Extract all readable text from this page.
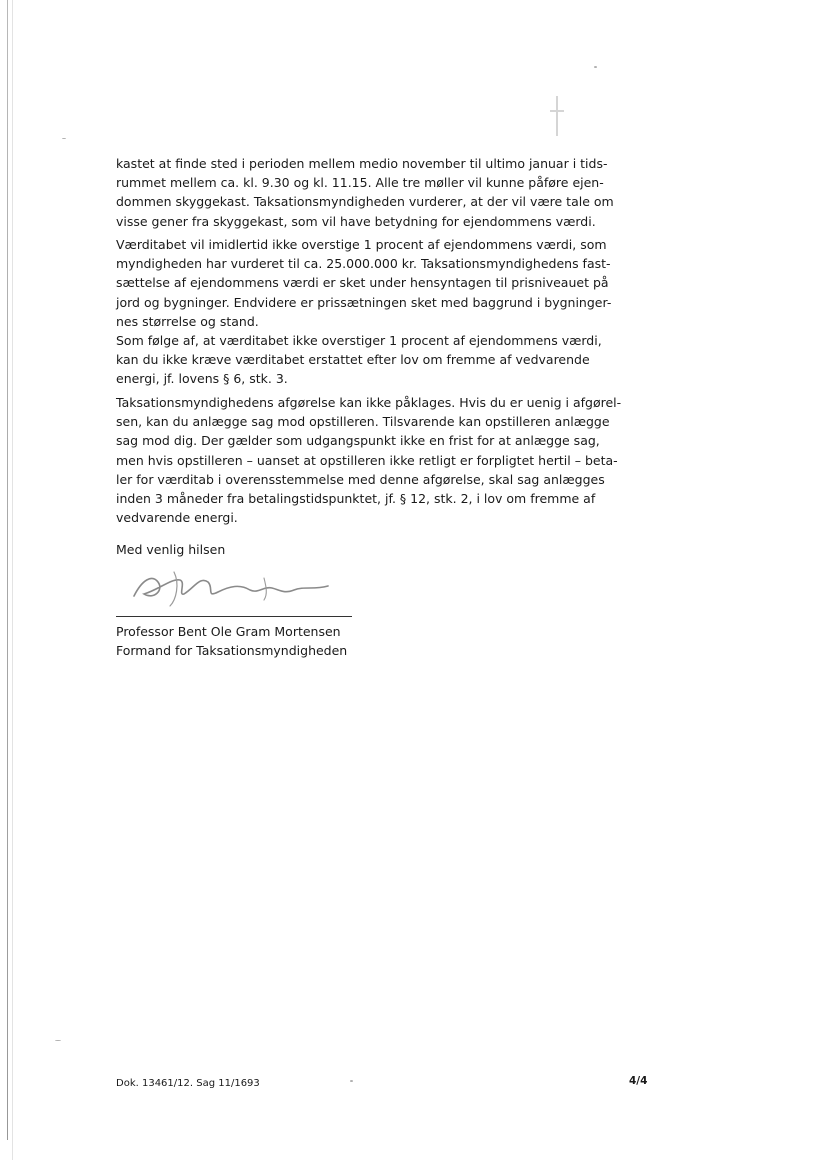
kastet at finde sted i perioden mellem medio november til ultimo januar i tids-
rummet mellem ca. kl. 9.30 og kl. 11.15. Alle tre møller vil kunne påføre ejen-
dommen skyggekast. Taksationsmyndigheden vurderer, at der vil være tale om
visse gener fra skyggekast, som vil have betydning for ejendommens værdi.

Værditabet vil imidlertid ikke overstige 1 procent af ejendommens værdi, som
myndigheden har vurderet til ca. 25.000.000 kr. Taksationsmyndighedens fast-
sættelse af ejendommens værdi er sket under hensyntagen til prisniveauet på
jord og bygninger. Endvidere er prissætningen sket med baggrund i bygninger-
nes størrelse og stand.

Som følge af, at værditabet ikke overstiger 1 procent af ejendommens værdi,
kan du ikke kræve værditabet erstattet efter lov om fremme af vedvarende
energi, jf. lovens § 6, stk. 3.

Taksationsmyndighedens afgørelse kan ikke påklages. Hvis du er uenig i afgørel-
sen, kan du anlægge sag mod opstilleren. Tilsvarende kan opstilleren anlægge
sag mod dig. Der gælder som udgangspunkt ikke en frist for at anlægge sag,
men hvis opstilleren – uanset at opstilleren ikke retligt er forpligtet hertil – beta-
ler for værditab i overensstemmelse med denne afgørelse, skal sag anlægges
inden 3 måneder fra betalingstidspunktet, jf. § 12, stk. 2, i lov om fremme af
vedvarende energi.

Med venlig hilsen
Professor Bent Ole Gram Mortensen
Formand for Taksationsmyndigheden
Dok. 13461/12. Sag 11/1693	4/4
